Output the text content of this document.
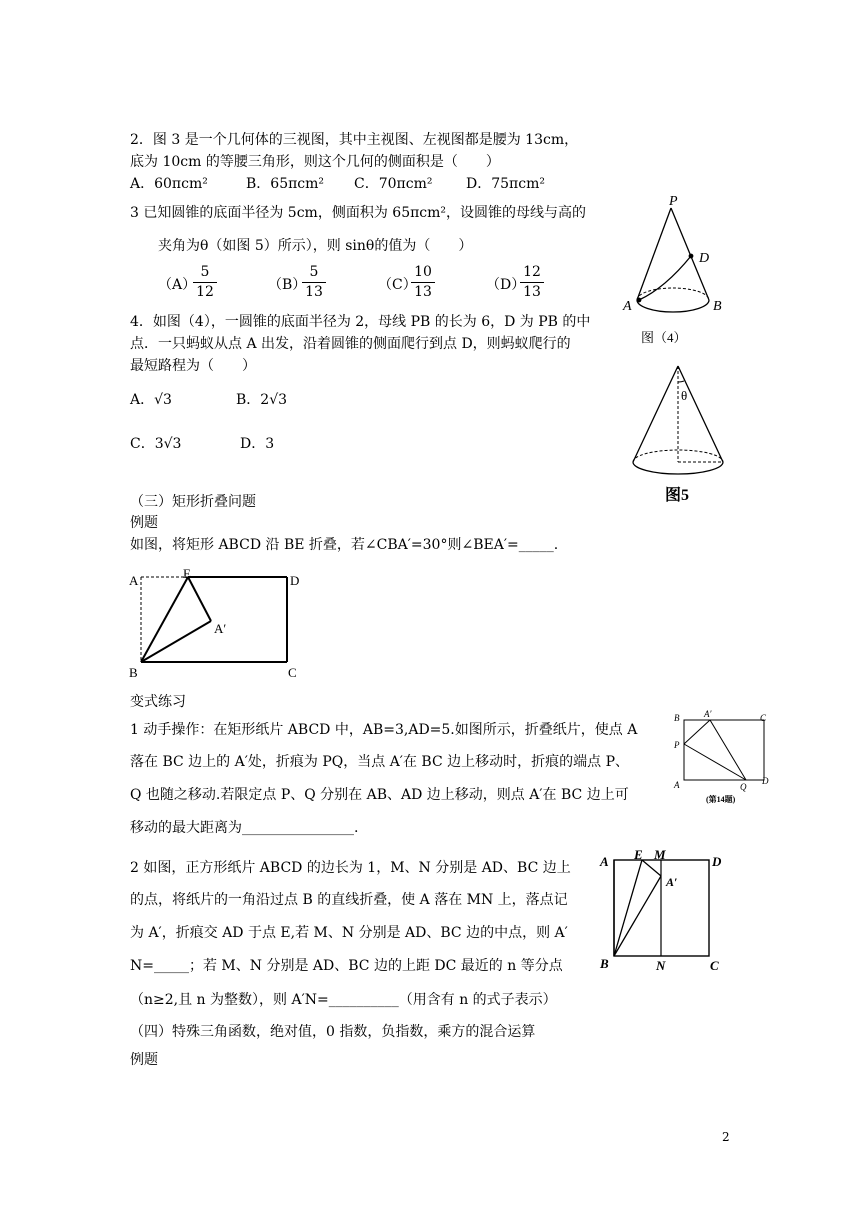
2．图 3 是一个几何体的三视图，其中主视图、左视图都是腰为 13cm，
底为 10cm 的等腰三角形，则这个几何的侧面积是（　　）
A．60πcm²	B．65πcm² C．70πcm² D．75πcm²
3 已知圆锥的底面半径为 5cm，侧面积为 65πcm²，设圆锥的母线与高的
夹角为θ（如图 5）所示），则 sinθ的值为（　　）
（A）
5
12	（B）
5
13	（C）
10
13	（D）
12
13
4．如图（4），一圆锥的底面半径为 2，母线 PB 的长为 6，D 为 PB 的中
点．一只蚂蚁从点 A 出发，沿着圆锥的侧面爬行到点 D，则蚂蚁爬行的
最短路程为（　　）
A．√3	B．2√3
C．3√3	D．3
P
D
A	B
图（4）
θ
图5
（三）矩形折叠问题
例题
如图，将矩形 ABCD 沿 BE 折叠，若∠CBA′=30°则∠BEA′=_____.
A	E	D
A′
B	C
变式练习
1 动手操作：在矩形纸片 ABCD 中，AB=3,AD=5.如图所示，折叠纸片，使点 A
落在 BC 边上的 A′处，折痕为 PQ，当点 A′在 BC 边上移动时，折痕的端点 P、
Q 也随之移动.若限定点 P、Q 分别在 AB、AD 边上移动，则点 A′在 BC 边上可
移动的最大距离为________________.
B	A′	C
P
A	Q
D
(第14题)
2 如图，正方形纸片 ABCD 的边长为 1，M、N 分别是 AD、BC 边上
的点，将纸片的一角沿过点 B 的直线折叠，使 A 落在 MN 上，落点记
为 A′，折痕交 AD 于点 E,若 M、N 分别是 AD、BC 边的中点，则 A′
N=_____；若 M、N 分别是 AD、BC 边的上距 DC 最近的 n 等分点
（n≥2,且 n 为整数），则 A′N=__________（用含有 n 的式子表示）
A E M	D
A′
B	N	C
（四）特殊三角函数，绝对值，0 指数，负指数，乘方的混合运算
例题
2
